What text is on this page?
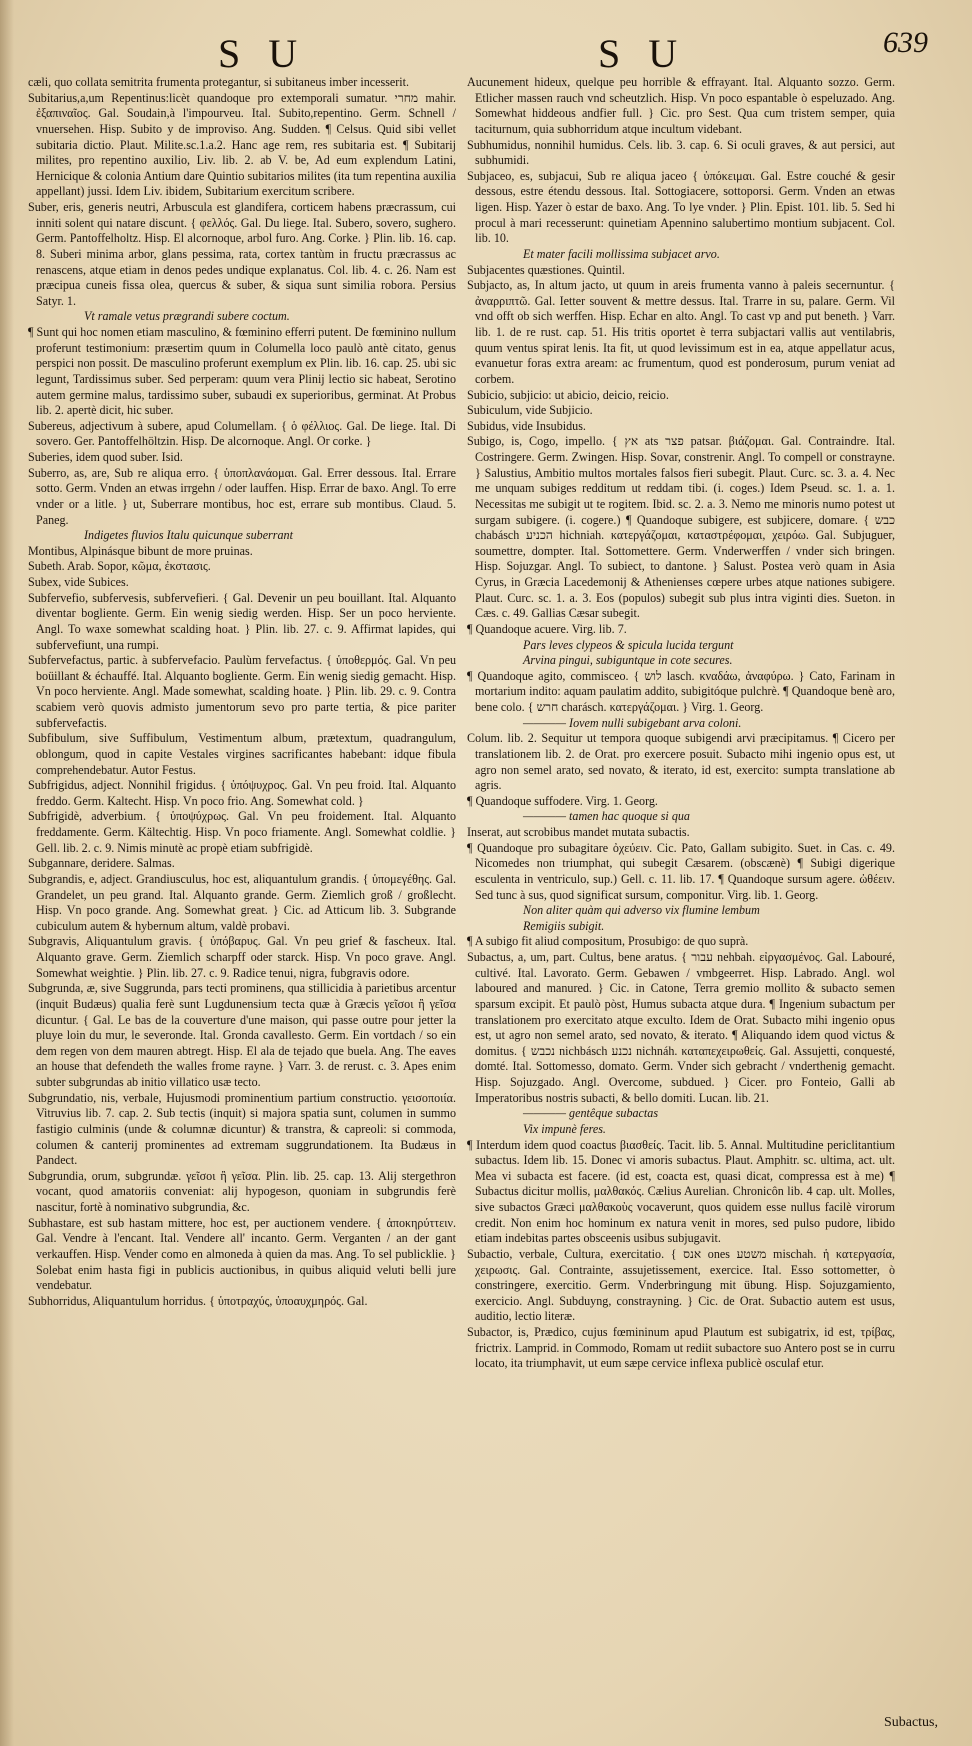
SU	SU	639
cæli, quo collata semitrita frumenta protegantur, si subitaneus imber incesserit.
Subitarius,a,um Repentinus:licèt quandoque pro extemporali sumatur. מחרי mahir. ἐξαπιναῖος. Gal. Soudain,à l'impourveu. Ital. Subito,repentino. Germ. Schnell / vnuersehen. Hisp. Subito y de improviso. Ang. Sudden. ¶ Celsus. Quid sibi vellet subitaria dictio. Plaut. Milite.sc.1.a.2. Hanc age rem, res subitaria est. ¶ Subitarij milites, pro repentino auxilio, Liv. lib. 2. ab V. be, Ad eum explendum Latini, Hernicique & colonia Antium dare Quintio subitarios milites (ita tum repentina auxilia appellant) jussi. Idem Liv. ibidem, Subitarium exercitum scribere.
Suber, eris, generis neutri, Arbuscula est glandifera, corticem habens præcrassum, cui inniti solent qui natare discunt. { φελλός. Gal. Du liege. Ital. Subero, sovero, sughero. Germ. Pantoffelholtz. Hisp. El alcornoque, arbol furo. Ang. Corke. } Plin. lib. 16. cap. 8. Suberi minima arbor, glans pessima, rata, cortex tantùm in fructu præcrassus ac renascens, atque etiam in denos pedes undique explanatus. Col. lib. 4. c. 26. Nam est præcipua cuneis fissa olea, quercus & suber, & siqua sunt similia robora. Persius Satyr. 1.
Vt ramale vetus prægrandi subere coctum.
¶ Sunt qui hoc nomen etiam masculino, & fœminino efferri putent. De fœminino nullum proferunt testimonium: præsertim quum in Columella loco paulò antè citato, genus perspici non possit. De masculino proferunt exemplum ex Plin. lib. 16. cap. 25. ubi sic legunt, Tardissimus suber. Sed perperam: quum vera Plinij lectio sic habeat, Serotino autem germine malus, tardissimo suber, subaudi ex superioribus, germinat. At Probus lib. 2. apertè dicit, hic suber.
Subereus, adjectivum à subere, apud Columellam. { ὁ φέλλιος. Gal. De liege. Ital. Di sovero. Ger. Pantoffelhöltzin. Hisp. De alcornoque. Angl. Or corke. }
Suberies, idem quod suber. Isid.
Suberro, as, are, Sub re aliqua erro. { ὑποπλανάομαι. Gal. Errer dessous. Ital. Errare sotto. Germ. Vnden an etwas irrgehn / oder lauffen. Hisp. Errar de baxo. Angl. To erre vnder or a litle. } ut, Suberrare montibus, hoc est, errare sub montibus. Claud. 5. Paneg.
Indigetes fluvios Italu quicunque suberrant
Montibus, Alpinásque bibunt de more pruinas.
Subeth. Arab. Sopor, κῶμα, ἐκστασις.
Subex, vide Subices.
Subfervefio, subfervesis, subfervefieri. { Gal. Devenir un peu bouillant. Ital. Alquanto diventar bogliente. Germ. Ein wenig siedig werden. Hisp. Ser un poco herviente. Angl. To waxe somewhat scalding hoat. } Plin. lib. 27. c. 9. Affirmat lapides, qui subfervefiunt, una rumpi.
Subfervefactus, partic. à subfervefacio. Paulùm fervefactus. { ὑποθερμός. Gal. Vn peu boüillant & échauffé. Ital. Alquanto bogliente. Germ. Ein wenig siedig gemacht. Hisp. Vn poco herviente. Angl. Made somewhat, scalding hoate. } Plin. lib. 29. c. 9. Contra scabiem verò quovis admisto jumentorum sevo pro parte tertia, & pice pariter subfervefactis.
Subfibulum, sive Suffibulum, Vestimentum album, prætextum, quadrangulum, oblongum, quod in capite Vestales virgines sacrificantes habebant: idque fibula comprehendebatur. Autor Festus.
Subfrigidus, adject. Nonnihil frigidus. { ὑπόψυχρος. Gal. Vn peu froid. Ital. Alquanto freddo. Germ. Kaltecht. Hisp. Vn poco frio. Ang. Somewhat cold. }
Subfrigidè, adverbium. { ὑποψύχρως. Gal. Vn peu froidement. Ital. Alquanto freddamente. Germ. Kältechtig. Hisp. Vn poco friamente. Angl. Somewhat coldlie. } Gell. lib. 2. c. 9. Nimis minutè ac propè etiam subfrigidè.
Subgannare, deridere. Salmas.
Subgrandis, e, adject. Grandiusculus, hoc est, aliquantulum grandis. { ὑπομεγέθης. Gal. Grandelet, un peu grand. Ital. Alquanto grande. Germ. Ziemlich groß / großlecht. Hisp. Vn poco grande. Ang. Somewhat great. } Cic. ad Atticum lib. 3. Subgrande cubiculum autem & hybernum altum, valdè probavi.
Subgravis, Aliquantulum gravis. { ὑπόβαρυς. Gal. Vn peu grief & fascheux. Ital. Alquanto grave. Germ. Ziemlich scharpff oder starck. Hisp. Vn poco grave. Angl. Somewhat weightie. } Plin. lib. 27. c. 9. Radice tenui, nigra, fubgravis odore.
Subgrunda, æ, sive Suggrunda, pars tecti prominens, qua stillicidia à parietibus arcentur (inquit Budæus) qualia ferè sunt Lugdunensium tecta quæ à Græcis γεῖσοι ἢ γεῖσα dicuntur. { Gal. Le bas de la couverture d'une maison, qui passe outre pour jetter la pluye loin du mur, le severonde. Ital. Gronda cavallesto. Germ. Ein vortdach / so ein dem regen von dem mauren abtregt. Hisp. El ala de tejado que buela. Ang. The eaves an house that defendeth the walles frome rayne. } Varr. 3. de rerust. c. 3. Apes enim subter subgrundas ab initio villatico usæ tecto.
Subgrundatio, nis, verbale, Hujusmodi prominentium partium constructio. γεισοποιία. Vitruvius lib. 7. cap. 2. Sub tectis (inquit) si majora spatia sunt, columen in summo fastigio culminis (unde & columnæ dicuntur) & transtra, & capreoli: si commoda, columen & canterij prominentes ad extremam suggrundationem. Ita Budæus in Pandect.
Subgrundia, orum, subgrundæ. γεῖσοι ἢ γεῖσα. Plin. lib. 25. cap. 13. Alij stergethron vocant, quod amatoriis conveniat: alij hypogeson, quoniam in subgrundis ferè nascitur, fortè à nominativo subgrundia, &c.
Subhastare, est sub hastam mittere, hoc est, per auctionem vendere. { ἀποκηρύττειν. Gal. Vendre à l'encant. Ital. Vendere all' incanto. Germ. Verganten / an der gant verkauffen. Hisp. Vender como en almoneda à quien da mas. Ang. To sel publicklie. } Solebat enim hasta figi in publicis auctionibus, in quibus aliquid veluti belli jure vendebatur.
Subhorridus, Aliquantulum horridus. { ὑποτραχύς, ὑποαυχμηρός. Gal.
Aucunement hideux, quelque peu horrible & effrayant. Ital. Alquanto sozzo. Germ. Etlicher massen rauch vnd scheutzlich. Hisp. Vn poco espantable ò espeluzado. Ang. Somewhat hiddeous andfier full. } Cic. pro Sest. Qua cum tristem semper, quia taciturnum, quia subhorridum atque incultum videbant.
Subhumidus, nonnihil humidus. Cels. lib. 3. cap. 6. Si oculi graves, & aut persici, aut subhumidi.
Subjaceo, es, subjacui, Sub re aliqua jaceo { ὑπόκειμαι. Gal. Estre couché & gesir dessous, estre étendu dessous. Ital. Sottogiacere, sottoporsi. Germ. Vnden an etwas ligen. Hisp. Yazer ò estar de baxo. Ang. To lye vnder. } Plin. Epist. 101. lib. 5. Sed hi procul à mari recesserunt: quinetiam Apennino salubertimo montium subjacent. Col. lib. 10.
Et mater facili mollissima subjacet arvo.
Subjacentes quæstiones. Quintil.
Subjacto, as, In altum jacto, ut quum in areis frumenta vanno à paleis secernuntur. { ἀναρριπτῶ. Gal. Ietter souvent & mettre dessus. Ital. Trarre in su, palare. Germ. Vil vnd offt ob sich werffen. Hisp. Echar en alto. Angl. To cast vp and put beneth. } Varr. lib. 1. de re rust. cap. 51. His tritis oportet è terra subjactari vallis aut ventilabris, quum ventus spirat lenis. Ita fit, ut quod levissimum est in ea, atque appellatur acus, evanuetur foras extra aream: ac frumentum, quod est ponderosum, purum veniat ad corbem.
Subicio, subjicio: ut abicio, deicio, reicio.
Subiculum, vide Subjicio.
Subidus, vide Insubidus.
Subigo, is, Cogo, impello. { אץ ats פצר patsar. βιάζομαι. Gal. Contraindre. Ital. Costringere. Germ. Zwingen. Hisp. Sovar, constrenir. Angl. To compell or constrayne. } Salustius, Ambitio multos mortales falsos fieri subegit. Plaut. Curc. sc. 3. a. 4. Nec me unquam subiges redditum ut reddam tibi. (i. coges.) Idem Pseud. sc. 1. a. 1. Necessitas me subigit ut te rogitem. Ibid. sc. 2. a. 3. Nemo me minoris numo potest ut surgam subigere. (i. cogere.) ¶ Quandoque subigere, est subjicere, domare. { כבש chabásch הכניע hichniah. κατεργάζομαι, καταστρέφομαι, χειρόω. Gal. Subjuguer, soumettre, dompter. Ital. Sottomettere. Germ. Vnderwerffen / vnder sich bringen. Hisp. Sojuzgar. Angl. To subiect, to dantone. } Salust. Postea verò quam in Asia Cyrus, in Græcia Lacedemonij & Athenienses cœpere urbes atque nationes subigere. Plaut. Curc. sc. 1. a. 3. Eos (populos) subegit sub plus intra viginti dies. Sueton. in Cæs. c. 49. Gallias Cæsar subegit.
¶ Quandoque acuere. Virg. lib. 7.
Pars leves clypeos & spicula lucida tergunt
Arvina pingui, subiguntque in cote secures.
¶ Quandoque agito, commisceo. { לוש lasch. κναδάω, ἀναφύρω. } Cato, Farinam in mortarium indito: aquam paulatim addito, subigitóque pulchrè. ¶ Quandoque benè aro, bene colo. { חרש charásch. κατεργάζομαι. } Virg. 1. Georg.
———— Iovem nulli subigebant arva coloni.
Colum. lib. 2. Sequitur ut tempora quoque subigendi arvi præcipitamus. ¶ Cicero per translationem lib. 2. de Orat. pro exercere posuit. Subacto mihi ingenio opus est, ut agro non semel arato, sed novato, & iterato, id est, exercito: sumpta translatione ab agris.
¶ Quandoque suffodere. Virg. 1. Georg.
———— tamen hac quoque si qua
Inserat, aut scrobibus mandet mutata subactis.
¶ Quandoque pro subagitare ὀχεύειν. Cic. Pato, Gallam subigito. Suet. in Cas. c. 49. Nicomedes non triumphat, qui subegit Cæsarem. (obscænè) ¶ Subigi digerique esculenta in ventriculo, sup.) Gell. c. 11. lib. 17. ¶ Quandoque sursum agere. ὠθέειν. Sed tunc à sus, quod significat sursum, componitur. Virg. lib. 1. Georg.
Non aliter quàm qui adverso vix flumine lembum
Remigiis subigit.
¶ A subigo fit aliud compositum, Prosubigo: de quo suprà.
Subactus, a, um, part. Cultus, bene aratus. { עבור nehbah. εἰργασμένος. Gal. Labouré, cultivé. Ital. Lavorato. Germ. Gebawen / vmbgeerret. Hisp. Labrado. Angl. wol laboured and manured. } Cic. in Catone, Terra gremio mollito & subacto semen sparsum excipit. Et paulò pòst, Humus subacta atque dura. ¶ Ingenium subactum per translationem pro exercitato atque exculto. Idem de Orat. Subacto mihi ingenio opus est, ut agro non semel arato, sed novato, & iterato. ¶ Aliquando idem quod victus & domitus. { נכבש nichbásch נכנע nichnáh. καταπεχειρωθείς. Gal. Assujetti, conquesté, domté. Ital. Sottomesso, domato. Germ. Vnder sich gebracht / vnderthenig gemacht. Hisp. Sojuzgado. Angl. Overcome, subdued. } Cicer. pro Fonteio, Galli ab Imperatoribus nostris subacti, & bello domiti. Lucan. lib. 21.
———— gentêque subactas
Vix impunè feres.
¶ Interdum idem quod coactus βιασθείς. Tacit. lib. 5. Annal. Multitudine periclitantium subactus. Idem lib. 15. Donec vi amoris subactus. Plaut. Amphitr. sc. ultima, act. ult. Mea vi subacta est facere. (id est, coacta est, quasi dicat, compressa est à me) ¶ Subactus dicitur mollis, μαλθακός. Cælius Aurelian. Chronicôn lib. 4 cap. ult. Molles, sive subactos Græci μαλθακοὺς vocaverunt, quos quidem esse nullus facilè virorum credit. Non enim hoc hominum ex natura venit in mores, sed pulso pudore, libido etiam indebitas partes obsceenis usibus subjugavit.
Subactio, verbale, Cultura, exercitatio. { אנס ones משטע mischah. ἡ κατεργασία, χειρωσις. Gal. Contrainte, assujetissement, exercice. Ital. Esso sottometter, ò constringere, exercitio. Germ. Vnderbringung mit übung. Hisp. Sojuzgamiento, exercicio. Angl. Subduyng, constrayning. } Cic. de Orat. Subactio autem est usus, auditio, lectio literæ.
Subactor, is, Prædico, cujus fœmininum apud Plautum est subigatrix, id est, τρίβας, frictrix. Lamprid. in Commodo, Romam ut rediit subactore suo Antero post se in curru locato, ita triumphavit, ut eum sæpe cervice inflexa publicè osculaf etur.
Subactus,
